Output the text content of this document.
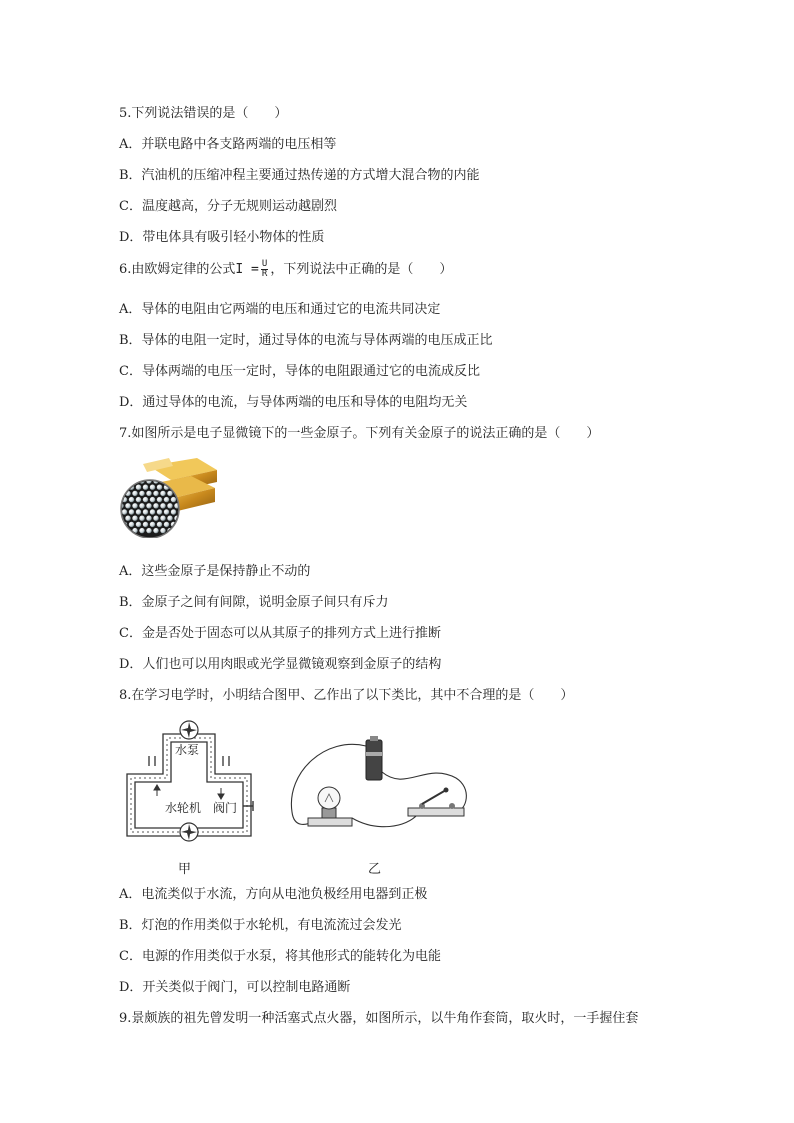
5.下列说法错误的是（　　）
A．并联电路中各支路两端的电压相等
B．汽油机的压缩冲程主要通过热传递的方式增大混合物的内能
C．温度越高，分子无规则运动越剧烈
D．带电体具有吸引轻小物体的性质
6.由欧姆定律的公式$I = \frac{U}{R}$ ，下列说法中正确的是（　　）
A．导体的电阻由它两端的电压和通过它的电流共同决定
B．导体的电阻一定时，通过导体的电流与导体两端的电压成正比
C．导体两端的电压一定时，导体的电阻跟通过它的电流成反比
D．通过导体的电流，与导体两端的电压和导体的电阻均无关
7.如图所示是电子显微镜下的一些金原子。下列有关金原子的说法正确的是（　　）
A．这些金原子是保持静止不动的
B．金原子之间有间隙，说明金原子间只有斥力
C．金是否处于固态可以从其原子的排列方式上进行推断
D．人们也可以用肉眼或光学显微镜观察到金原子的结构
8.在学习电学时，小明结合图甲、乙作出了以下类比，其中不合理的是（　　）
水泵
水轮机 阀门
甲	乙
A．电流类似于水流，方向从电池负极经用电器到正极
B．灯泡的作用类似于水轮机，有电流流过会发光
C．电源的作用类似于水泵，将其他形式的能转化为电能
D．开关类似于阀门，可以控制电路通断
9.景颇族的祖先曾发明一种活塞式点火器，如图所示，以牛角作套筒，取火时，一手握住套
